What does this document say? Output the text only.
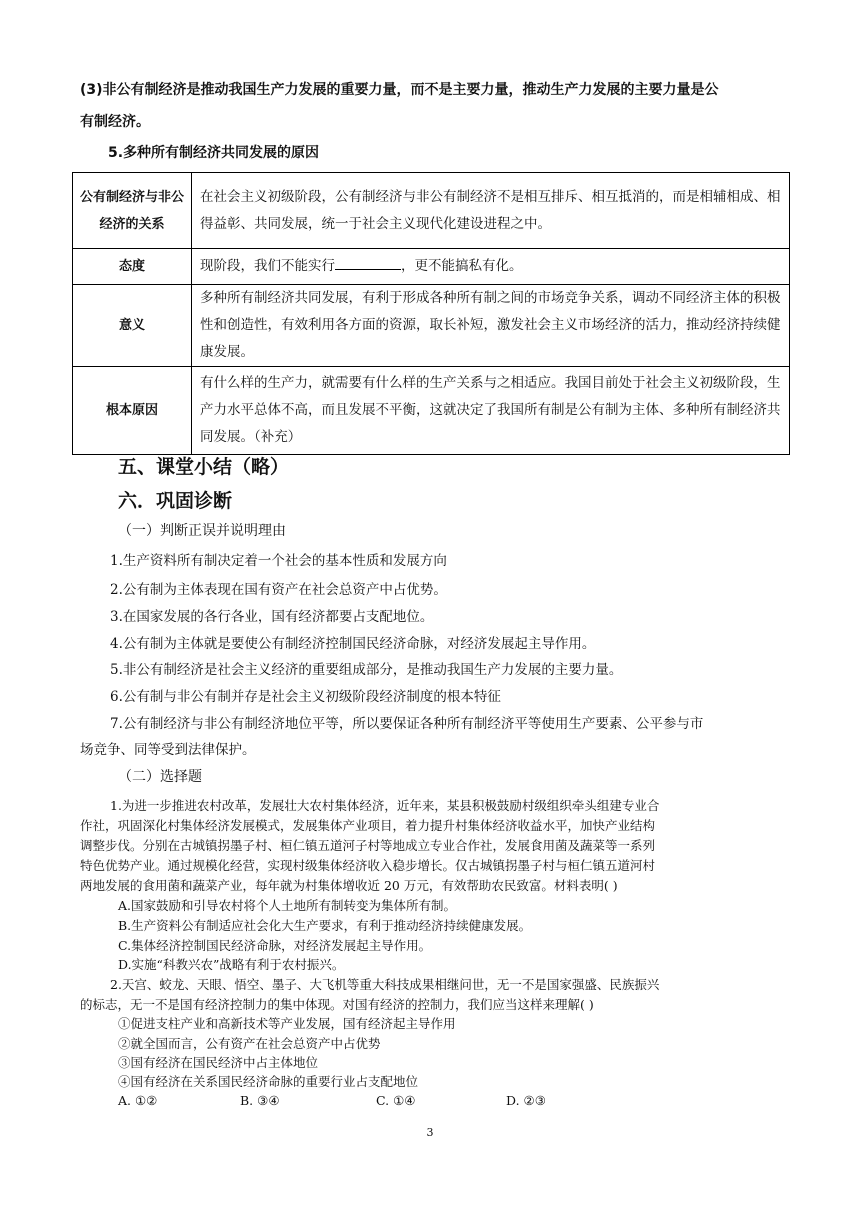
(3)非公有制经济是推动我国生产力发展的重要力量，而不是主要力量，推动生产力发展的主要力量是公
有制经济。
5.多种所有制经济共同发展的原因
公有制经济与非公经济的关系	在社会主义初级阶段，公有制经济与非公有制经济不是相互排斥、相互抵消的，而是相辅相成、相得益彰、共同发展，统一于社会主义现代化建设进程之中。
态度	现阶段，我们不能实行 ，更不能搞私有化。
意义	多种所有制经济共同发展，有利于形成各种所有制之间的市场竞争关系，调动不同经济主体的积极性和创造性，有效利用各方面的资源，取长补短，激发社会主义市场经济的活力，推动经济持续健康发展。
根本原因	有什么样的生产力，就需要有什么样的生产关系与之相适应。我国目前处于社会主义初级阶段，生产力水平总体不高，而且发展不平衡，这就决定了我国所有制是公有制为主体、多种所有制经济共同发展。（补充）
五、课堂小结（略）
六．巩固诊断
（一）判断正误并说明理由
1.生产资料所有制决定着一个社会的基本性质和发展方向
2.公有制为主体表现在国有资产在社会总资产中占优势。
3.在国家发展的各行各业，国有经济都要占支配地位。
4.公有制为主体就是要使公有制经济控制国民经济命脉，对经济发展起主导作用。
5.非公有制经济是社会主义经济的重要组成部分，是推动我国生产力发展的主要力量。
6.公有制与非公有制并存是社会主义初级阶段经济制度的根本特征
7.公有制经济与非公有制经济地位平等，所以要保证各种所有制经济平等使用生产要素、公平参与市
场竞争、同等受到法律保护。
（二）选择题
1.为进一步推进农村改革，发展壮大农村集体经济，近年来，某县积极鼓励村级组织牵头组建专业合
作社，巩固深化村集体经济发展模式，发展集体产业项目，着力提升村集体经济收益水平，加快产业结构
调整步伐。分别在古城镇拐墨子村、桓仁镇五道河子村等地成立专业合作社，发展食用菌及蔬菜等一系列
特色优势产业。通过规模化经营，实现村级集体经济收入稳步增长。仅古城镇拐墨子村与桓仁镇五道河村
两地发展的食用菌和蔬菜产业，每年就为村集体增收近 20 万元，有效帮助农民致富。材料表明( )
A.国家鼓励和引导农村将个人土地所有制转变为集体所有制。
B.生产资料公有制适应社会化大生产要求，有利于推动经济持续健康发展。
C.集体经济控制国民经济命脉，对经济发展起主导作用。
D.实施“科教兴农”战略有利于农村振兴。
2.天宫、蛟龙、天眼、悟空、墨子、大飞机等重大科技成果相继问世，无一不是国家强盛、民族振兴
的标志，无一不是国有经济控制力的集中体现。对国有经济的控制力，我们应当这样来理解( )
①促进支柱产业和高新技术等产业发展，国有经济起主导作用
②就全国而言，公有资产在社会总资产中占优势
③国有经济在国民经济中占主体地位
④国有经济在关系国民经济命脉的重要行业占支配地位
A. ①②	B. ③④	C. ①④	D. ②③
3
